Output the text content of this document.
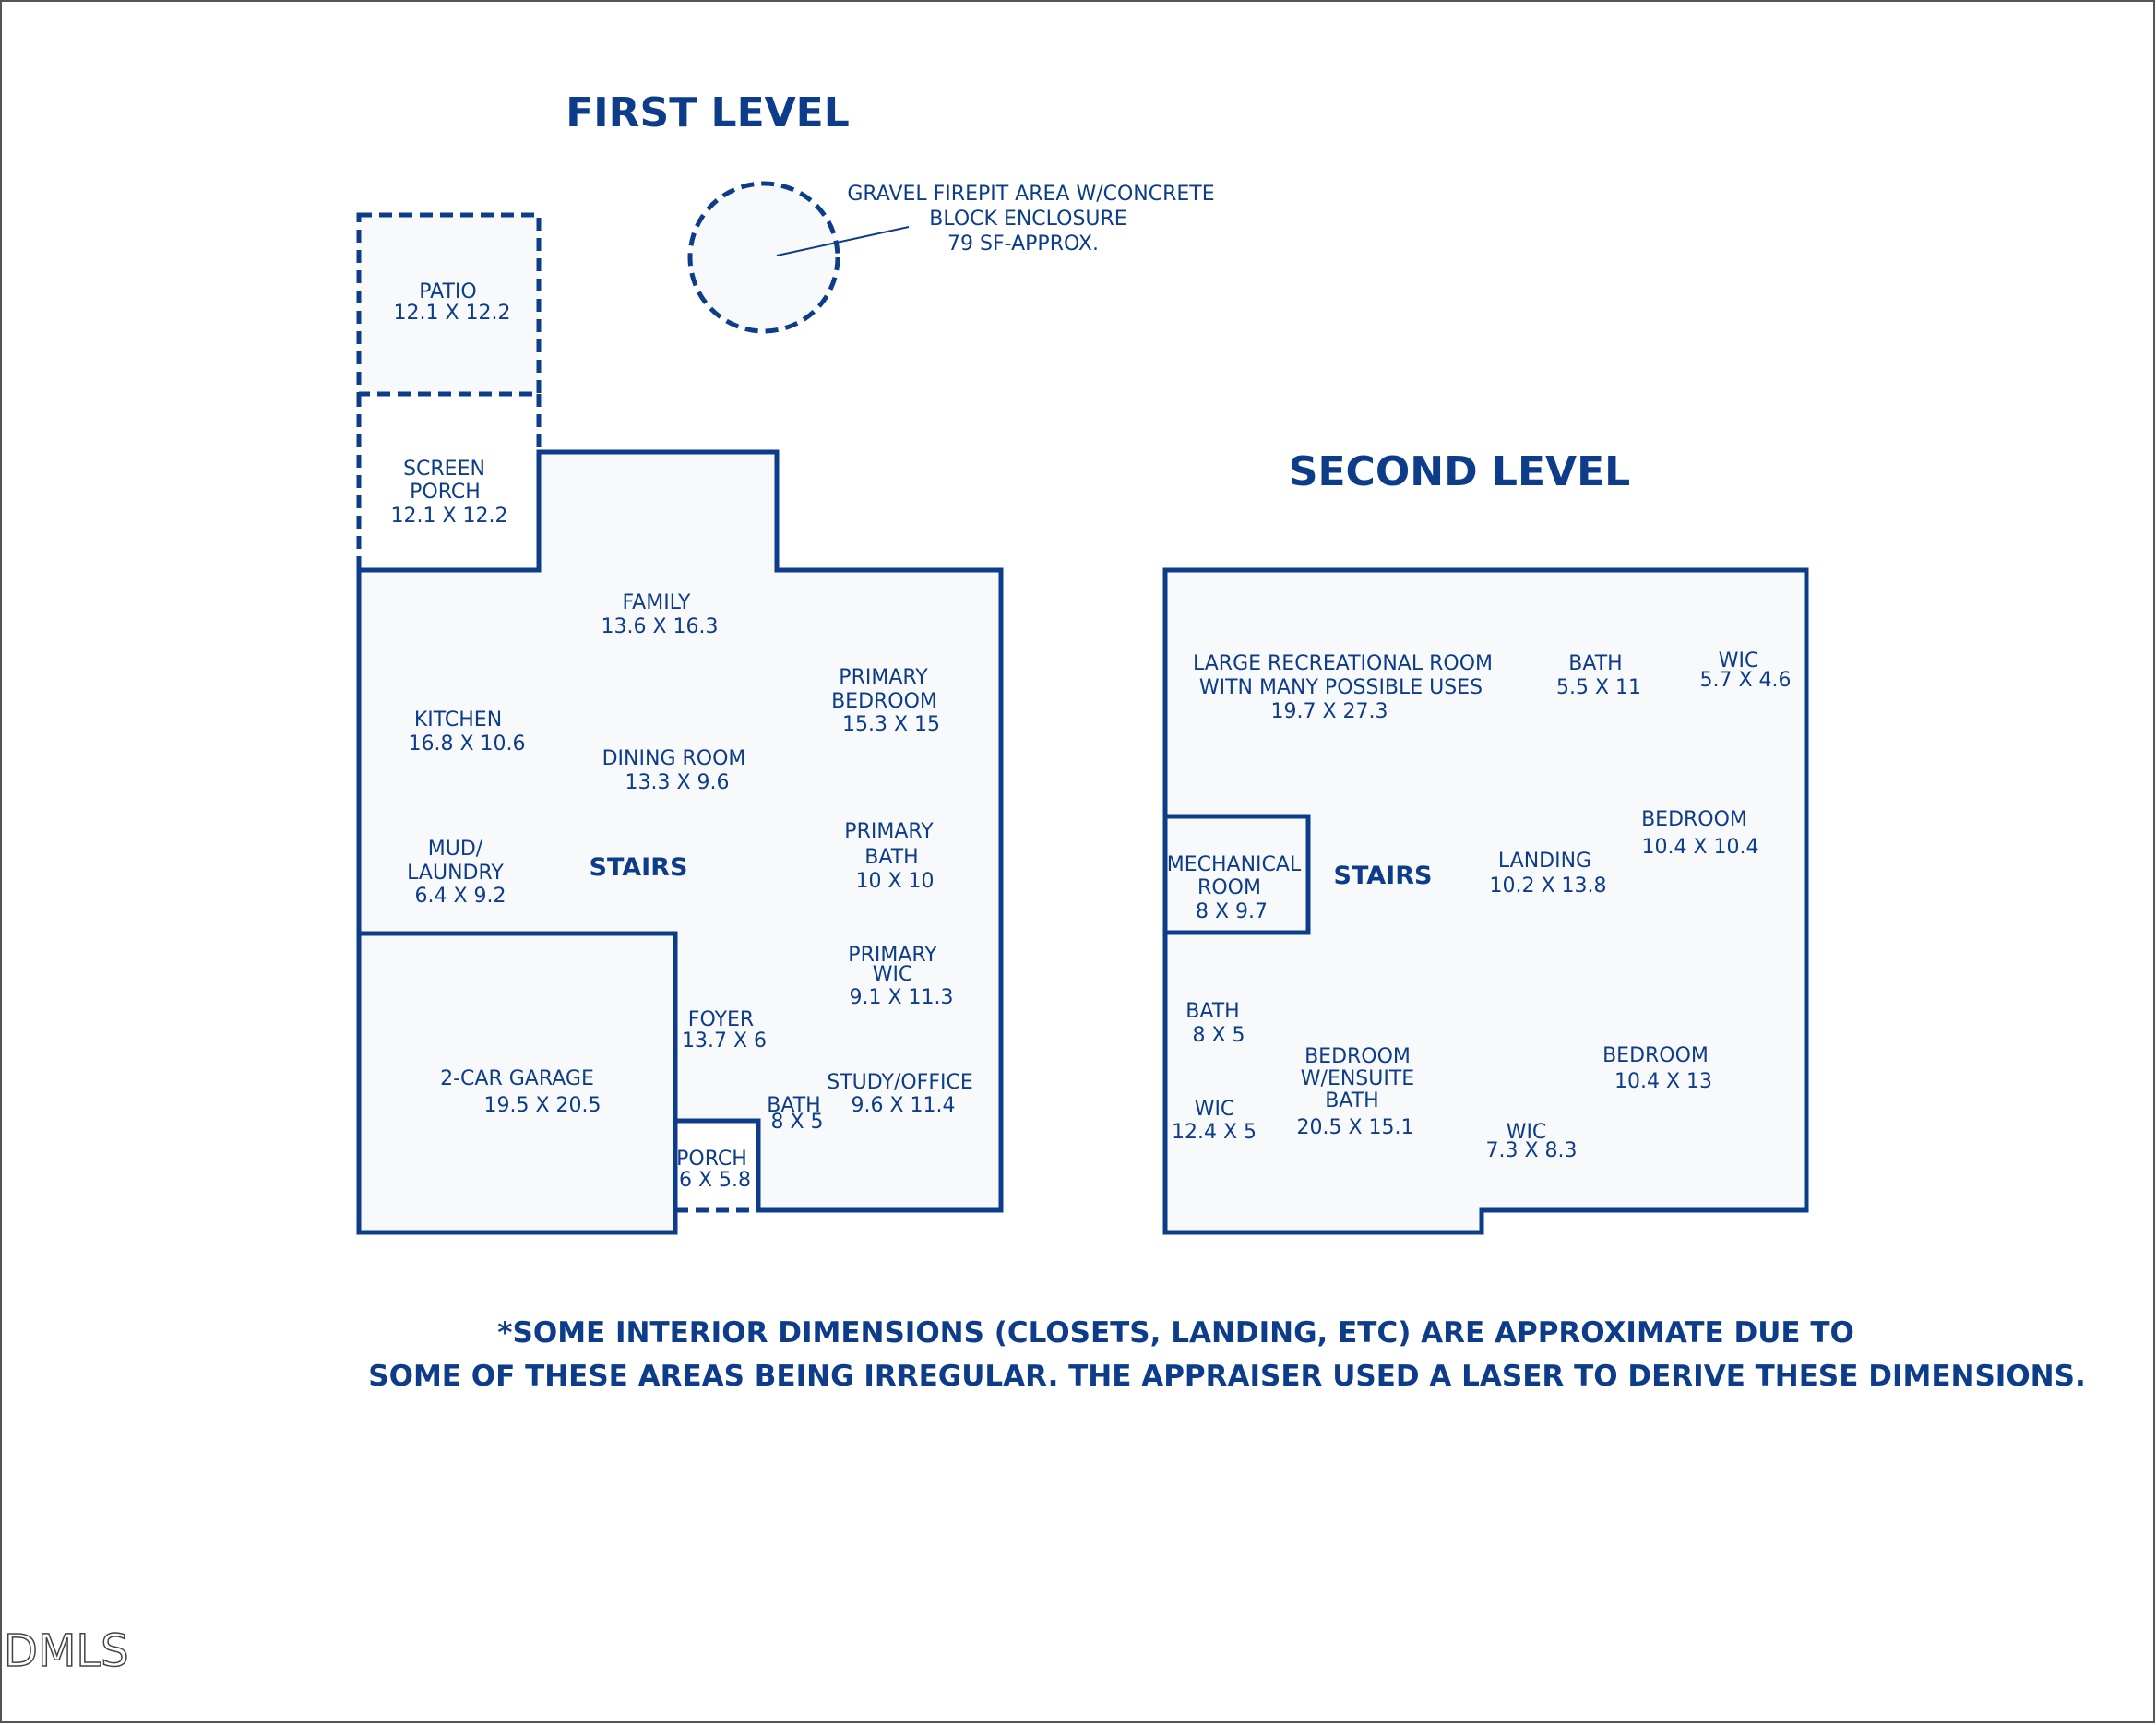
FIRST LEVEL
GRAVEL FIREPIT AREA W/CONCRETE BLOCK ENCLOSURE 79 SF-APPROX.
PATIO 12.1 X 12.2
SCREEN PORCH 12.1 X 12.2
FAMILY 13.6 X 16.3
PRIMARY BEDROOM 15.3 X 15
KITCHEN 16.8 X 10.6
DINING ROOM 13.3 X 9.6
MUD/ LAUNDRY 6.4 X 9.2
STAIRS
PRIMARY BATH 10 X 10
PRIMARY WIC 9.1 X 11.3
FOYER 13.7 X 6
2-CAR GARAGE 19.5 X 20.5	BATH 8 X 5
STUDY/OFFICE 9.6 X 11.4
PORCH 6 X 5.8
SECOND LEVEL
LARGE RECREATIONAL ROOM WITN MANY POSSIBLE USES 19.7 X 27.3
BATH 5.5 X 11
WIC 5.7 X 4.6
MECHANICAL ROOM 8 X 9.7
STAIRS
LANDING 10.2 X 13.8
BEDROOM 10.4 X 10.4
BATH 8 X 5
BEDROOM W/ENSUITE BATH 20.5 X 15.1
BEDROOM 10.4 X 13
WIC 12.4 X 5	WIC 7.3 X 8.3
*SOME INTERIOR DIMENSIONS (CLOSETS, LANDING, ETC) ARE APPROXIMATE DUE TO SOME OF THESE AREAS BEING IRREGULAR. THE APPRAISER USED A LASER TO DERIVE THESE DIMENSIONS.
DMLS
